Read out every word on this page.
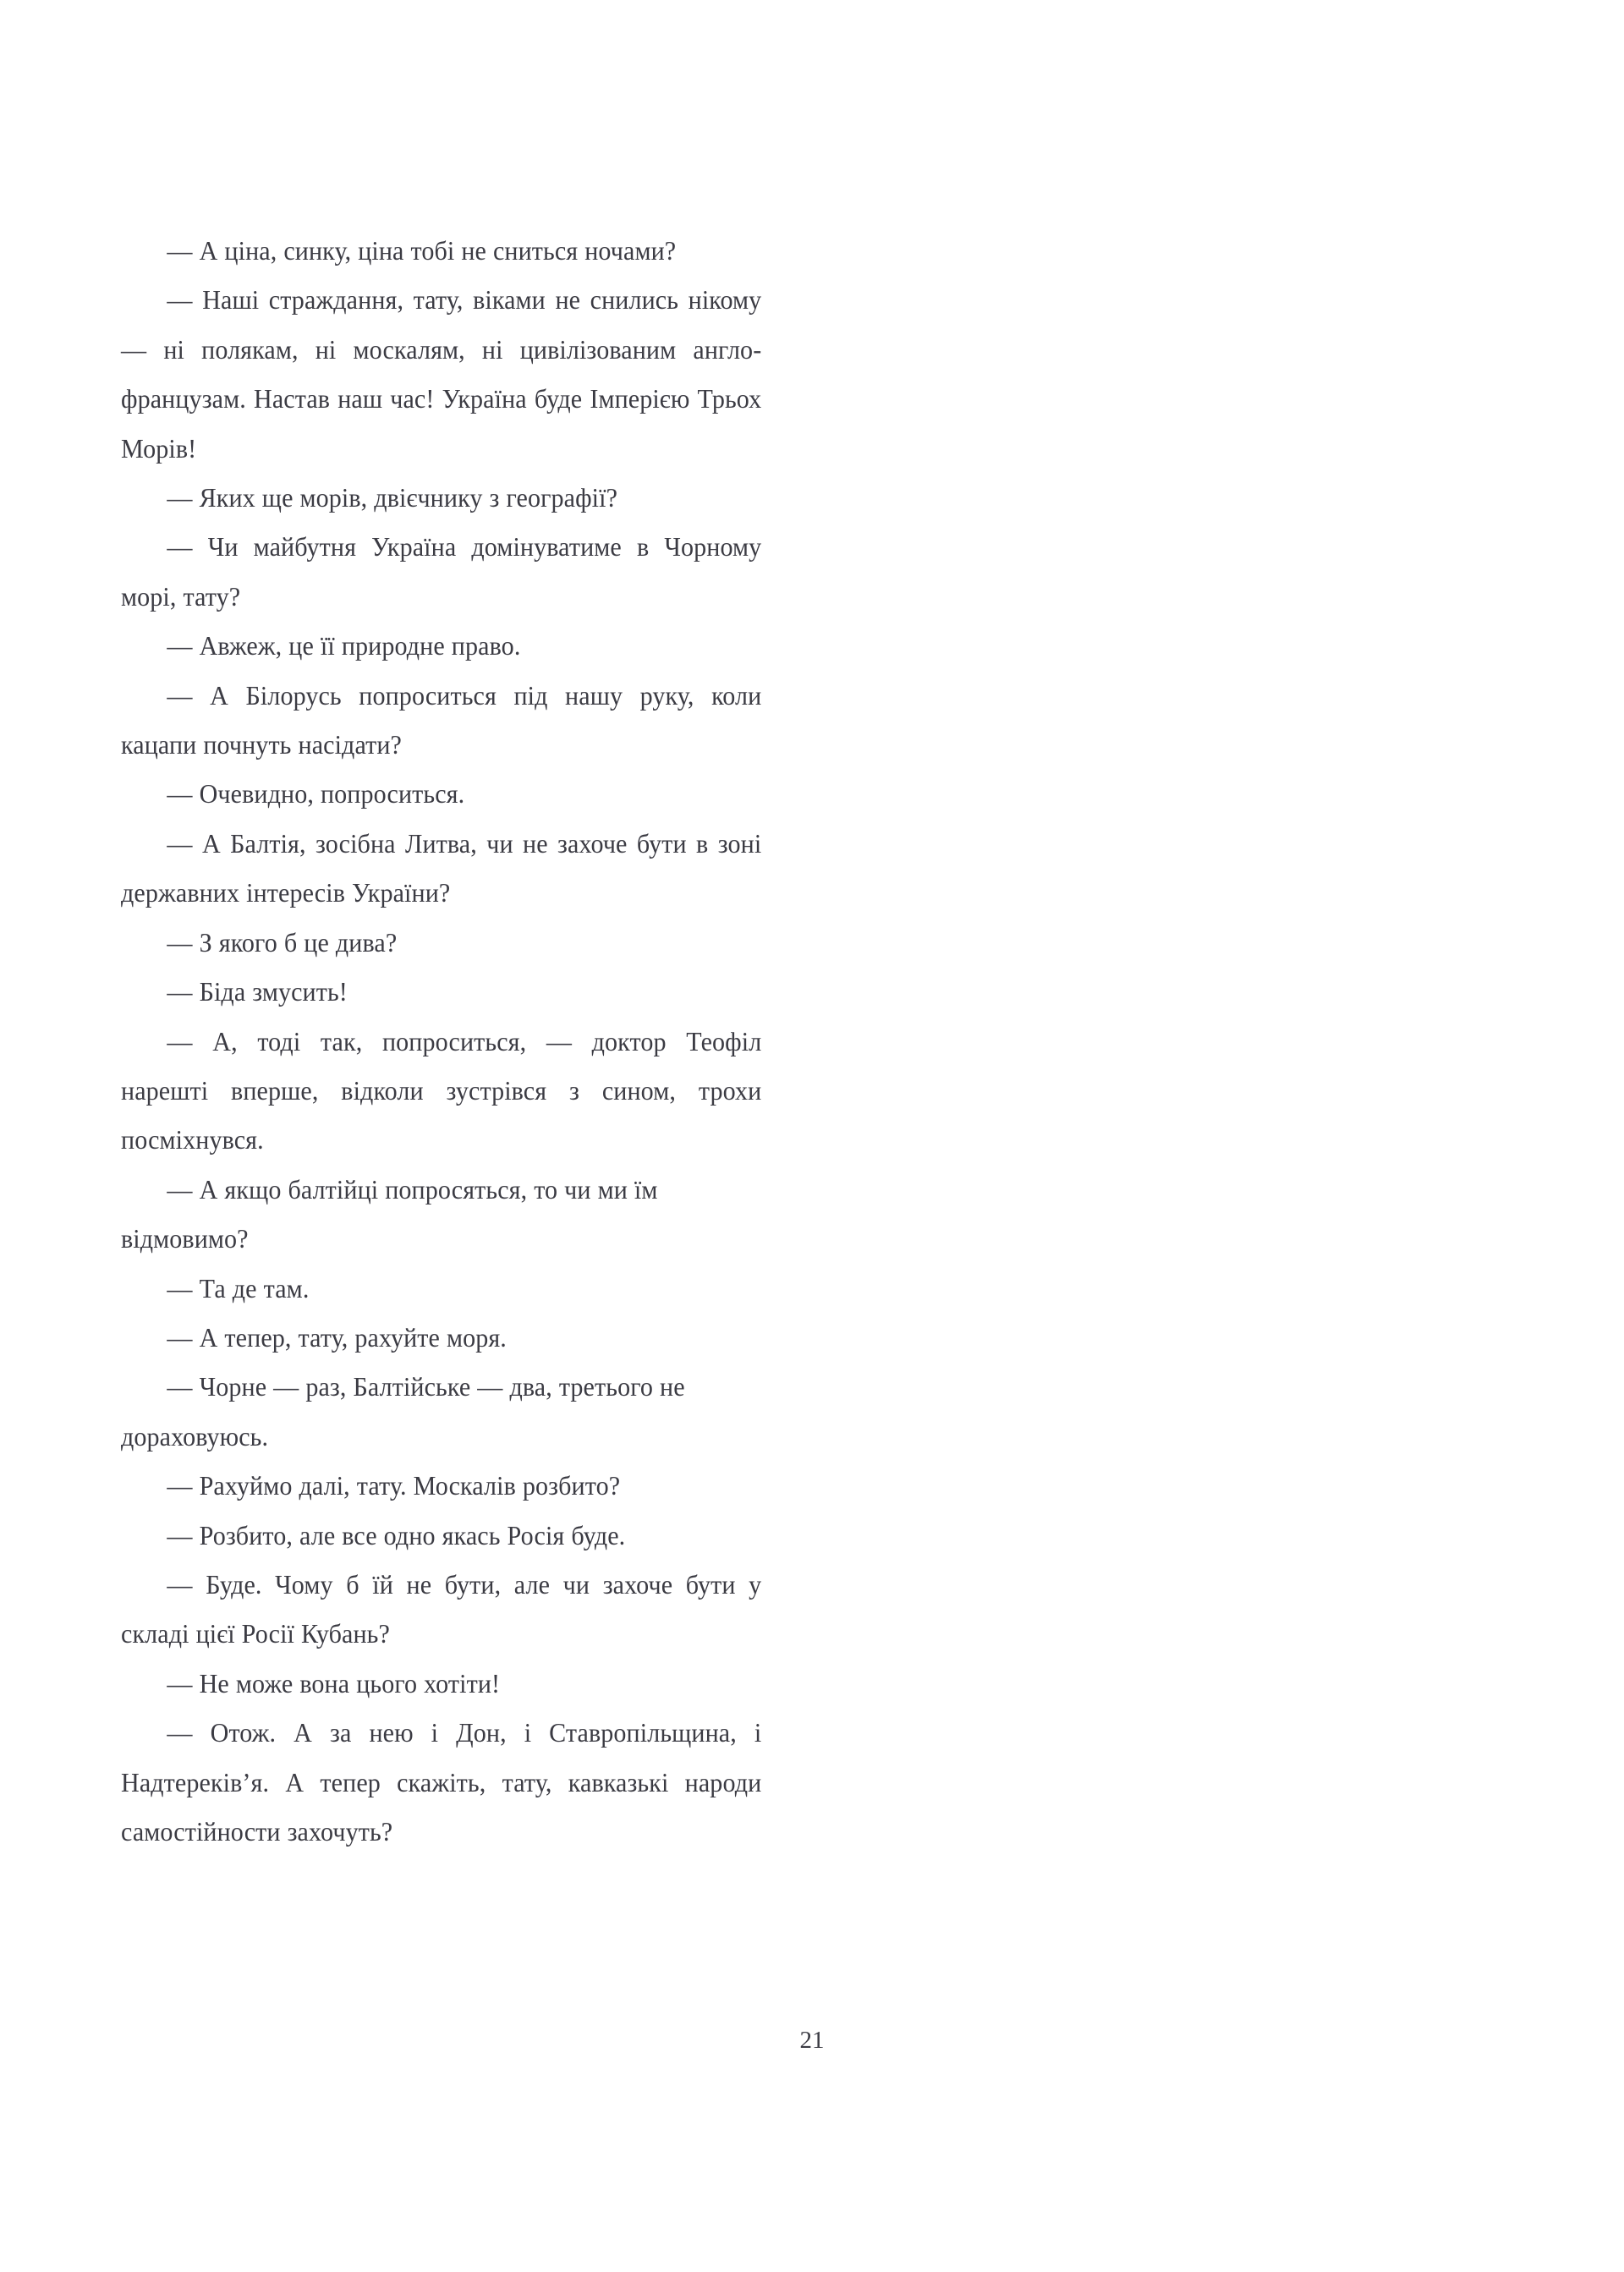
— А ціна, синку, ціна тобі не сниться ночами?

— Наші страждання, тату, віками не снились нікому — ні полякам, ні москалям, ні цивілізованим англо-французам. Настав наш час! Україна буде Імперією Трьох Морів!

— Яких ще морів, двієчнику з географії?

— Чи майбутня Україна домінуватиме в Чорному морі, тату?

— Авжеж, це її природне право.

— А Білорусь попроситься під нашу руку, коли кацапи почнуть насідати?

— Очевидно, попроситься.

— А Балтія, зосібна Литва, чи не захоче бути в зоні державних інтересів України?

— З якого б це дива?

— Біда змусить!

— А, тоді так, попроситься, — доктор Теофіл нарешті вперше, відколи зустрівся з сином, трохи посміхнувся.

— А якщо балтійці попросяться, то чи ми їм відмовимо?

— Та де там.

— А тепер, тату, рахуйте моря.

— Чорне — раз, Балтійське — два, третього не дораховуюсь.

— Рахуймо далі, тату. Москалів розбито?

— Розбито, але все одно якась Росія буде.

— Буде. Чому б їй не бути, але чи захоче бути у складі цієї Росії Кубань?

— Не може вона цього хотіти!

— Отож. А за нею і Дон, і Ставропільщина, і Надтереків’я. А тепер скажіть, тату, кавказькі народи самостійности захочуть?

21
